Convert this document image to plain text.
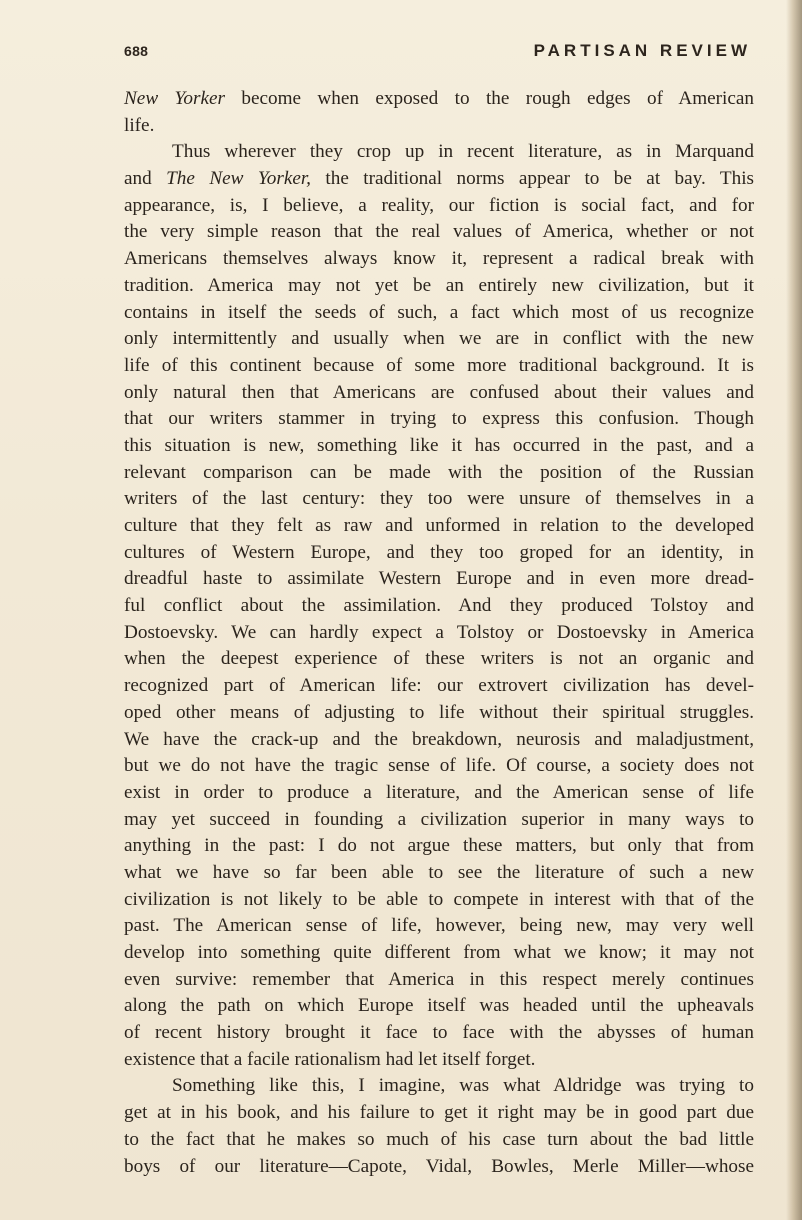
688	PARTISAN REVIEW
New Yorker become when exposed to the rough edges of American
life.
Thus wherever they crop up in recent literature, as in Marquand
and The New Yorker, the traditional norms appear to be at bay. This
appearance, is, I believe, a reality, our fiction is social fact, and for
the very simple reason that the real values of America, whether or not
Americans themselves always know it, represent a radical break with
tradition. America may not yet be an entirely new civilization, but it
contains in itself the seeds of such, a fact which most of us recognize
only intermittently and usually when we are in conflict with the new
life of this continent because of some more traditional background. It is
only natural then that Americans are confused about their values and
that our writers stammer in trying to express this confusion. Though
this situation is new, something like it has occurred in the past, and a
relevant comparison can be made with the position of the Russian
writers of the last century: they too were unsure of themselves in a
culture that they felt as raw and unformed in relation to the developed
cultures of Western Europe, and they too groped for an identity, in
dreadful haste to assimilate Western Europe and in even more dread-
ful conflict about the assimilation. And they produced Tolstoy and
Dostoevsky. We can hardly expect a Tolstoy or Dostoevsky in America
when the deepest experience of these writers is not an organic and
recognized part of American life: our extrovert civilization has devel-
oped other means of adjusting to life without their spiritual struggles.
We have the crack-up and the breakdown, neurosis and maladjustment,
but we do not have the tragic sense of life. Of course, a society does not
exist in order to produce a literature, and the American sense of life
may yet succeed in founding a civilization superior in many ways to
anything in the past: I do not argue these matters, but only that from
what we have so far been able to see the literature of such a new
civilization is not likely to be able to compete in interest with that of the
past. The American sense of life, however, being new, may very well
develop into something quite different from what we know; it may not
even survive: remember that America in this respect merely continues
along the path on which Europe itself was headed until the upheavals
of recent history brought it face to face with the abysses of human
existence that a facile rationalism had let itself forget.
Something like this, I imagine, was what Aldridge was trying to
get at in his book, and his failure to get it right may be in good part due
to the fact that he makes so much of his case turn about the bad little
boys of our literature—Capote, Vidal, Bowles, Merle Miller—whose
